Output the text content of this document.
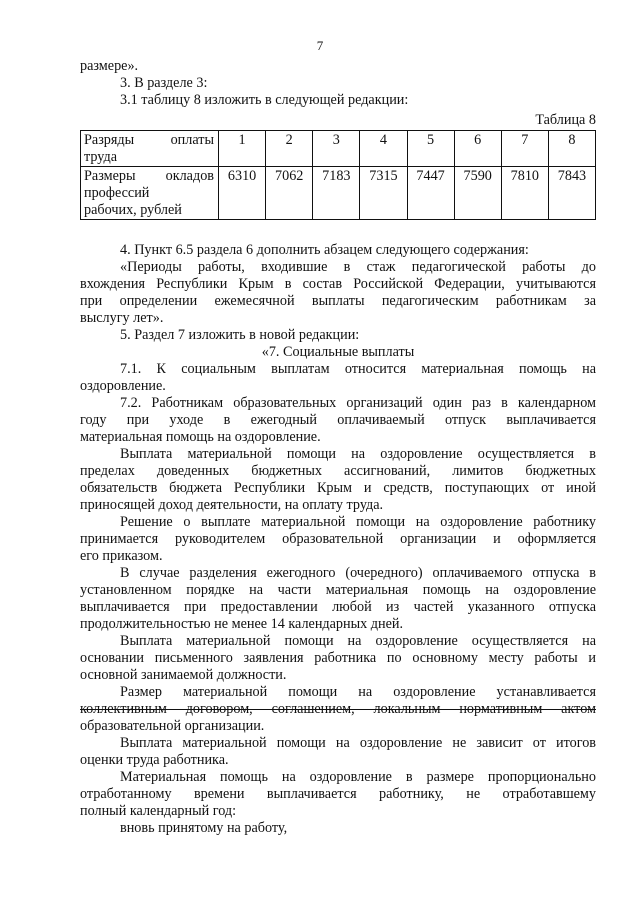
7

размере».

3. В разделе 3:

3.1 таблицу 8 изложить в следующей редакции:

Таблица 8

Разряды оплаты
труда	1	2	3	4	5	6	7	8

Размеры окладов
профессий
рабочих, рублей	6310	7062	7183	7315	7447	7590	7810	7843

4. Пункт 6.5 раздела 6 дополнить абзацем следующего содержания:

«Периоды работы, входившие в стаж педагогической работы до

вхождения Республики Крым в состав Российской Федерации, учитываются

при определении ежемесячной выплаты педагогическим работникам за

выслугу лет».

5. Раздел 7 изложить в новой редакции:

«7. Социальные выплаты

7.1. К социальным выплатам относится материальная помощь на

оздоровление.

7.2. Работникам образовательных организаций один раз в календарном

году при уходе в ежегодный оплачиваемый отпуск выплачивается

материальная помощь на оздоровление.

Выплата материальной помощи на оздоровление осуществляется в

пределах доведенных бюджетных ассигнований, лимитов бюджетных

обязательств бюджета Республики Крым и средств, поступающих от иной

приносящей доход деятельности, на оплату труда.

Решение о выплате материальной помощи на оздоровление работнику

принимается руководителем образовательной организации и оформляется

его приказом.

В случае разделения ежегодного (очередного) оплачиваемого отпуска в

установленном порядке на части материальная помощь на оздоровление

выплачивается при предоставлении любой из частей указанного отпуска

продолжительностью не менее 14 календарных дней.

Выплата материальной помощи на оздоровление осуществляется на

основании письменного заявления работника по основному месту работы и

основной занимаемой должности.

Размер материальной помощи на оздоровление устанавливается

коллективным договором, соглашением, локальным нормативным актом

образовательной организации.

Выплата материальной помощи на оздоровление не зависит от итогов

оценки труда работника.

Материальная помощь на оздоровление в размере пропорционально

отработанному времени выплачивается работнику, не отработавшему

полный календарный год:

вновь принятому на работу,
